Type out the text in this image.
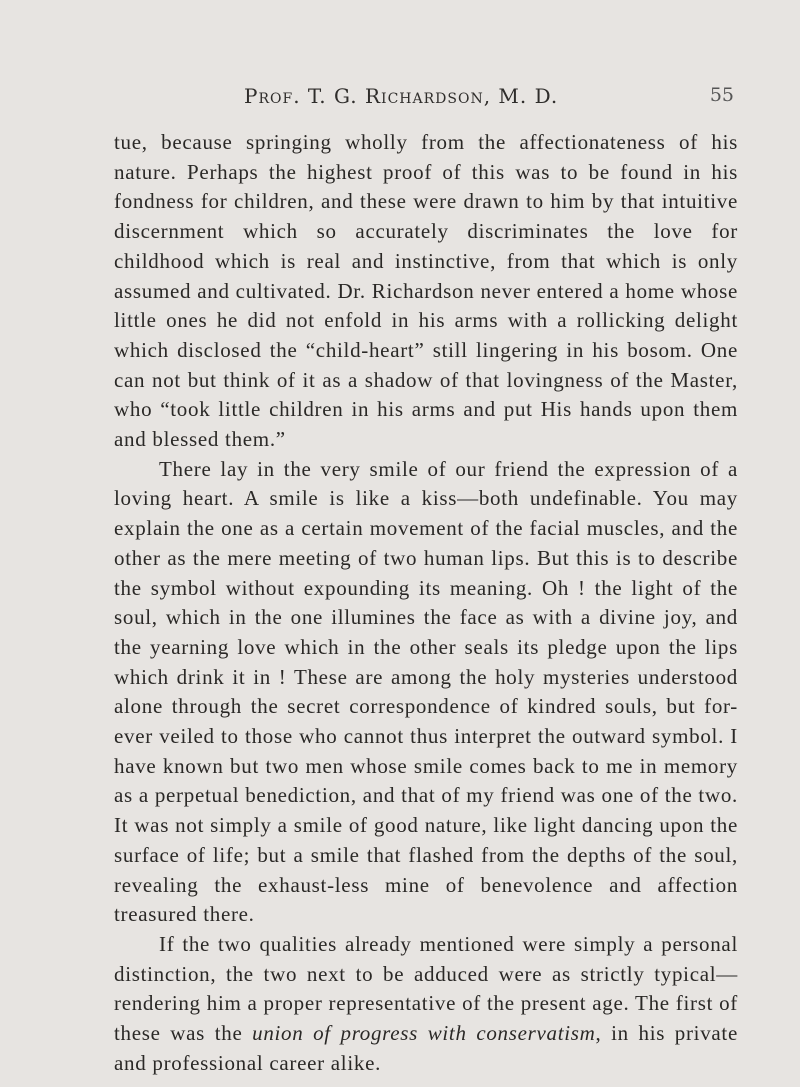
Prof. T. G. Richardson, M. D.	55

tue, because springing wholly from the affectionateness of his nature. Perhaps the highest proof of this was to be found in his fondness for children, and these were drawn to him by that intuitive discernment which so accurately discriminates the love for childhood which is real and instinctive, from that which is only assumed and cultivated. Dr. Richardson never entered a home whose little ones he did not enfold in his arms with a rollicking delight which disclosed the “child-heart” still lingering in his bosom. One can not but think of it as a shadow of that lovingness of the Master, who “took little children in his arms and put His hands upon them and blessed them.”

There lay in the very smile of our friend the expression of a loving heart. A smile is like a kiss—both undefinable. You may explain the one as a certain movement of the facial muscles, and the other as the mere meeting of two human lips. But this is to describe the symbol without expounding its meaning. Oh ! the light of the soul, which in the one illumines the face as with a divine joy, and the yearning love which in the other seals its pledge upon the lips which drink it in ! These are among the holy mysteries understood alone through the secret correspondence of kindred souls, but for-ever veiled to those who cannot thus interpret the outward symbol. I have known but two men whose smile comes back to me in memory as a perpetual benediction, and that of my friend was one of the two. It was not simply a smile of good nature, like light dancing upon the surface of life; but a smile that flashed from the depths of the soul, revealing the exhaust-less mine of benevolence and affection treasured there.

If the two qualities already mentioned were simply a personal distinction, the two next to be adduced were as strictly typical—rendering him a proper representative of the present age. The first of these was the union of progress with conservatism, in his private and professional career alike.
